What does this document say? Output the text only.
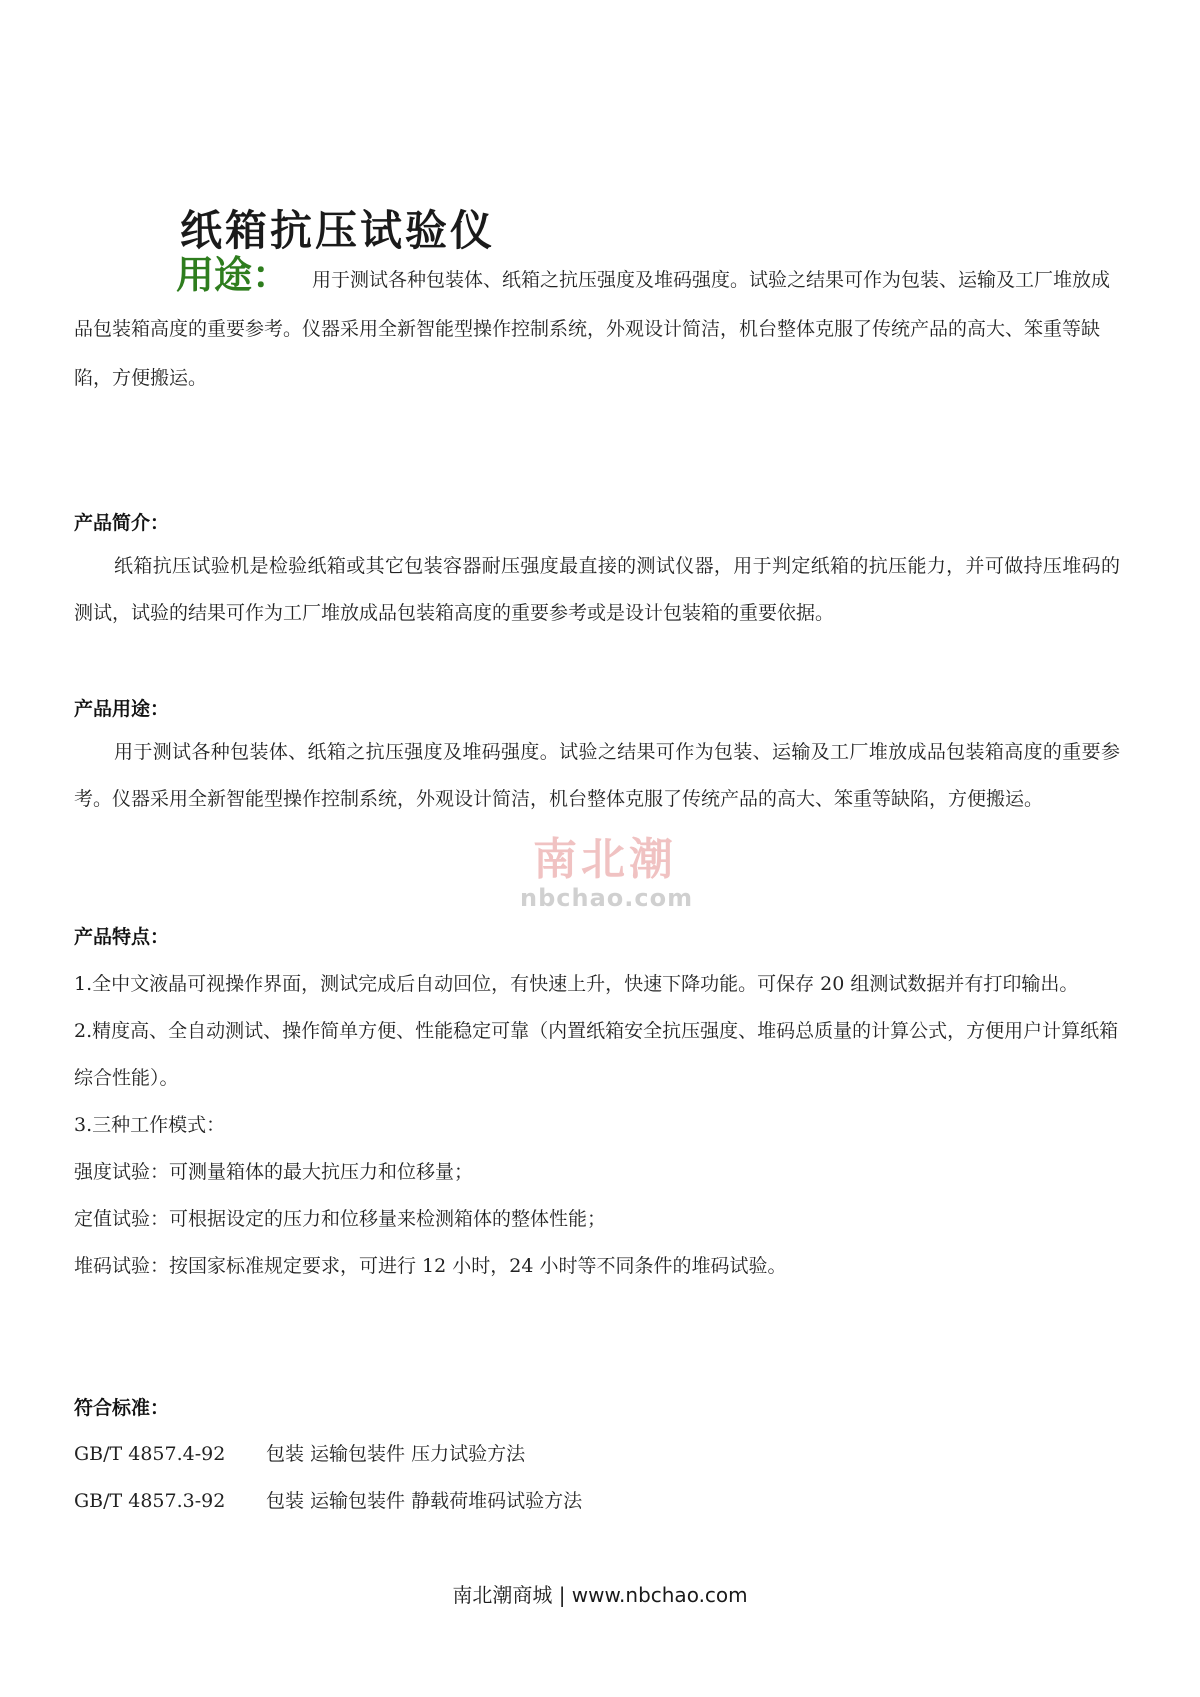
纸箱抗压试验仪
用途： 用于测试各种包装体、纸箱之抗压强度及堆码强度。试验之结果可作为包装、运输及工厂堆放成品包装箱高度的重要参考。仪器采用全新智能型操作控制系统，外观设计简洁，机台整体克服了传统产品的高大、笨重等缺陷，方便搬运。
产品简介：
纸箱抗压试验机是检验纸箱或其它包装容器耐压强度最直接的测试仪器，用于判定纸箱的抗压能力，并可做持压堆码的测试，试验的结果可作为工厂堆放成品包装箱高度的重要参考或是设计包装箱的重要依据。
产品用途：
用于测试各种包装体、纸箱之抗压强度及堆码强度。试验之结果可作为包装、运输及工厂堆放成品包装箱高度的重要参考。仪器采用全新智能型操作控制系统，外观设计简洁，机台整体克服了传统产品的高大、笨重等缺陷，方便搬运。
南北潮
nbchao.com
产品特点：
1.全中文液晶可视操作界面，测试完成后自动回位，有快速上升，快速下降功能。可保存 20 组测试数据并有打印输出。
2.精度高、全自动测试、操作简单方便、性能稳定可靠（内置纸箱安全抗压强度、堆码总质量的计算公式，方便用户计算纸箱综合性能）。
3.三种工作模式：
强度试验：可测量箱体的最大抗压力和位移量；
定值试验：可根据设定的压力和位移量来检测箱体的整体性能；
堆码试验：按国家标准规定要求，可进行 12 小时，24 小时等不同条件的堆码试验。
符合标准：
GB/T 4857.4-92 包装 运输包装件 压力试验方法
GB/T 4857.3-92 包装 运输包装件 静载荷堆码试验方法
南北潮商城 | www.nbchao.com
